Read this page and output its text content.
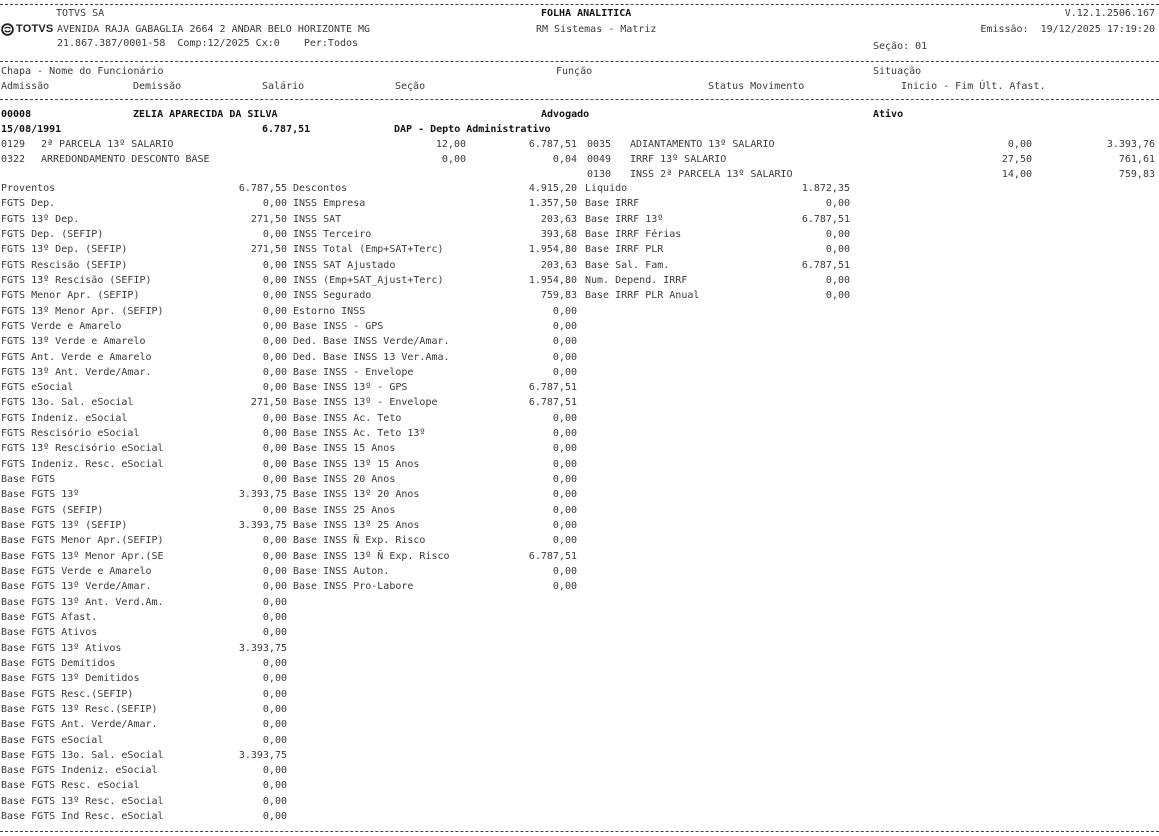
TOTVS SA
TOTVS AVENIDA RAJA GABAGLIA 2664 2 ANDAR BELO HORIZONTE MG
21.867.387/0001-58  Comp:12/2025 Cx:0    Per:Todos
FOLHA ANALITICA
RM Sistemas - Matriz
V.12.1.2506.167
Emissão:  19/12/2025 17:19:20
Seção: 01
Chapa - Nome do Funcionário	Função	Situação
Admissão	Demissão	Salário	Seção	Status Movimento	Inicio - Fim Últ. Afast.
00008	ZELIA APARECIDA DA SILVA	Advogado	Ativo
15/08/1991	6.787,51	DAP - Depto Administrativo
0129 2ª PARCELA 13º SALARIO	12,00	6.787,51
0322 ARREDONDAMENTO DESCONTO BASE	0,00	0,04
0035 ADIANTAMENTO 13º SALARIO	0,00	3.393,76
0049 IRRF 13º SALARIO	27,50	761,61
0130 INSS 2ª PARCELA 13º SALARIO	14,00	759,83
Proventos	6.787,55
FGTS Dep.	0,00
FGTS 13º Dep.	271,50
FGTS Dep. (SEFIP)	0,00
FGTS 13º Dep. (SEFIP)	271,50
FGTS Rescisão (SEFIP)	0,00
FGTS 13º Rescisão (SEFIP)	0,00
FGTS Menor Apr. (SEFIP)	0,00
FGTS 13º Menor Apr. (SEFIP)	0,00
FGTS Verde e Amarelo	0,00
FGTS 13º Verde e Amarelo	0,00
FGTS Ant. Verde e Amarelo	0,00
FGTS 13º Ant. Verde/Amar.	0,00
FGTS eSocial	0,00
FGTS 13o. Sal. eSocial	271,50
FGTS Indeniz. eSocial	0,00
FGTS Rescisório eSocial	0,00
FGTS 13º Rescisório eSocial	0,00
FGTS Indeniz. Resc. eSocial	0,00
Base FGTS	0,00
Base FGTS 13º	3.393,75
Base FGTS (SEFIP)	0,00
Base FGTS 13º (SEFIP)	3.393,75
Base FGTS Menor Apr.(SEFIP)	0,00
Base FGTS 13º Menor Apr.(SE	0,00
Base FGTS Verde e Amarelo	0,00
Base FGTS 13º Verde/Amar.	0,00
Base FGTS 13º Ant. Verd.Am.	0,00
Base FGTS Afast.	0,00
Base FGTS Ativos	0,00
Base FGTS 13º Ativos	3.393,75
Base FGTS Demitidos	0,00
Base FGTS 13º Demitidos	0,00
Base FGTS Resc.(SEFIP)	0,00
Base FGTS 13º Resc.(SEFIP)	0,00
Base FGTS Ant. Verde/Amar.	0,00
Base FGTS eSocial	0,00
Base FGTS 13o. Sal. eSocial	3.393,75
Base FGTS Indeniz. eSocial	0,00
Base FGTS Resc. eSocial	0,00
Base FGTS 13º Resc. eSocial	0,00
Base FGTS Ind Resc. eSocial	0,00
Descontos	4.915,20
INSS Empresa	1.357,50
INSS SAT	203,63
INSS Terceiro	393,68
INSS Total (Emp+SAT+Terc)	1.954,80
INSS SAT Ajustado	203,63
INSS (Emp+SAT_Ajust+Terc)	1.954,80
INSS Segurado	759,83
Estorno INSS	0,00
Base INSS - GPS	0,00
Ded. Base INSS Verde/Amar.	0,00
Ded. Base INSS 13 Ver.Ama.	0,00
Base INSS - Envelope	0,00
Base INSS 13º - GPS	6.787,51
Base INSS 13º - Envelope	6.787,51
Base INSS Ac. Teto	0,00
Base INSS Ac. Teto 13º	0,00
Base INSS 15 Anos	0,00
Base INSS 13º 15 Anos	0,00
Base INSS 20 Anos	0,00
Base INSS 13º 20 Anos	0,00
Base INSS 25 Anos	0,00
Base INSS 13º 25 Anos	0,00
Base INSS Ñ Exp. Risco	0,00
Base INSS 13º Ñ Exp. Risco	6.787,51
Base INSS Auton.	0,00
Base INSS Pro-Labore	0,00
Liquido	1.872,35
Base IRRF	0,00
Base IRRF 13º	6.787,51
Base IRRF Férias	0,00
Base IRRF PLR	0,00
Base Sal. Fam.	6.787,51
Num. Depend. IRRF	0,00
Base IRRF PLR Anual	0,00
